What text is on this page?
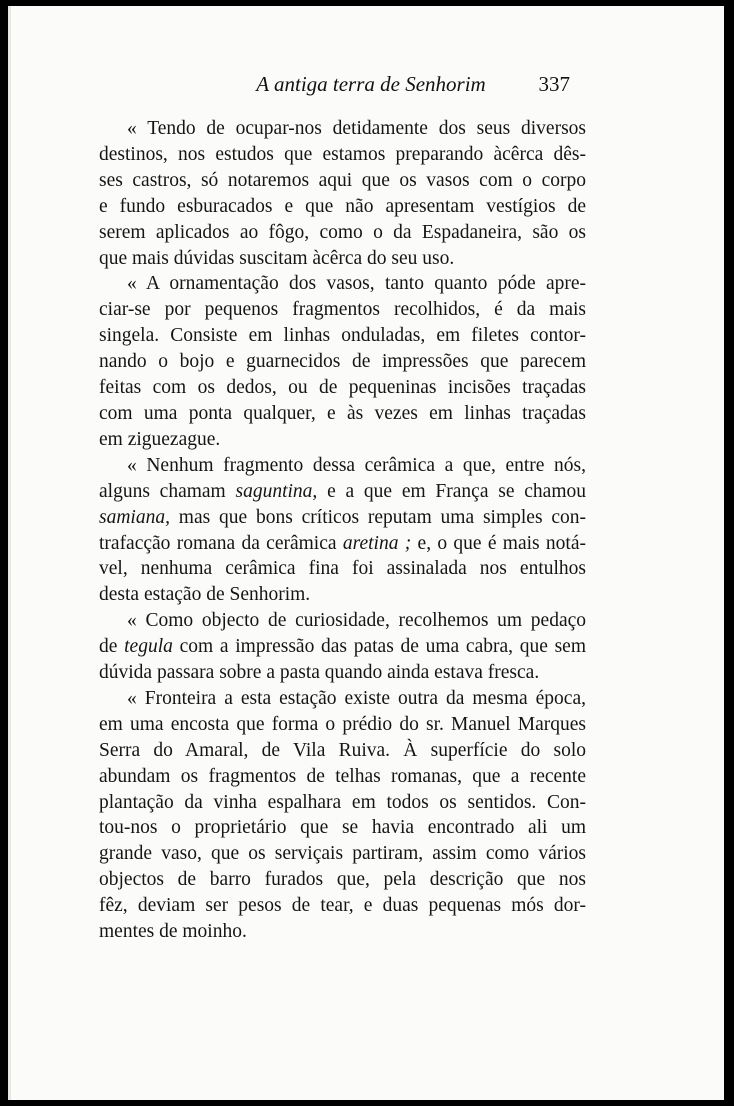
A antiga terra de Senhorim	337
« Tendo de ocupar-nos detidamente dos seus diversos
destinos, nos estudos que estamos preparando àcêrca dês-
ses castros, só notaremos aqui que os vasos com o corpo
e fundo esburacados e que não apresentam vestígios de
serem aplicados ao fôgo, como o da Espadaneira, são os
que mais dúvidas suscitam àcêrca do seu uso.
« A ornamentação dos vasos, tanto quanto póde apre-
ciar-se por pequenos fragmentos recolhidos, é da mais
singela. Consiste em linhas onduladas, em filetes contor-
nando o bojo e guarnecidos de impressões que parecem
feitas com os dedos, ou de pequeninas incisões traçadas
com uma ponta qualquer, e às vezes em linhas traçadas
em ziguezague.
« Nenhum fragmento dessa cerâmica a que, entre nós,
alguns chamam saguntina, e a que em França se chamou
samiana, mas que bons críticos reputam uma simples con-
trafacção romana da cerâmica aretina ; e, o que é mais notá-
vel, nenhuma cerâmica fina foi assinalada nos entulhos
desta estação de Senhorim.
« Como objecto de curiosidade, recolhemos um pedaço
de tegula com a impressão das patas de uma cabra, que sem
dúvida passara sobre a pasta quando ainda estava fresca.
« Fronteira a esta estação existe outra da mesma época,
em uma encosta que forma o prédio do sr. Manuel Marques
Serra do Amaral, de Vila Ruiva. À superfície do solo
abundam os fragmentos de telhas romanas, que a recente
plantação da vinha espalhara em todos os sentidos. Con-
tou-nos o proprietário que se havia encontrado ali um
grande vaso, que os serviçais partiram, assim como vários
objectos de barro furados que, pela descrição que nos
fêz, deviam ser pesos de tear, e duas pequenas mós dor-
mentes de moinho.
